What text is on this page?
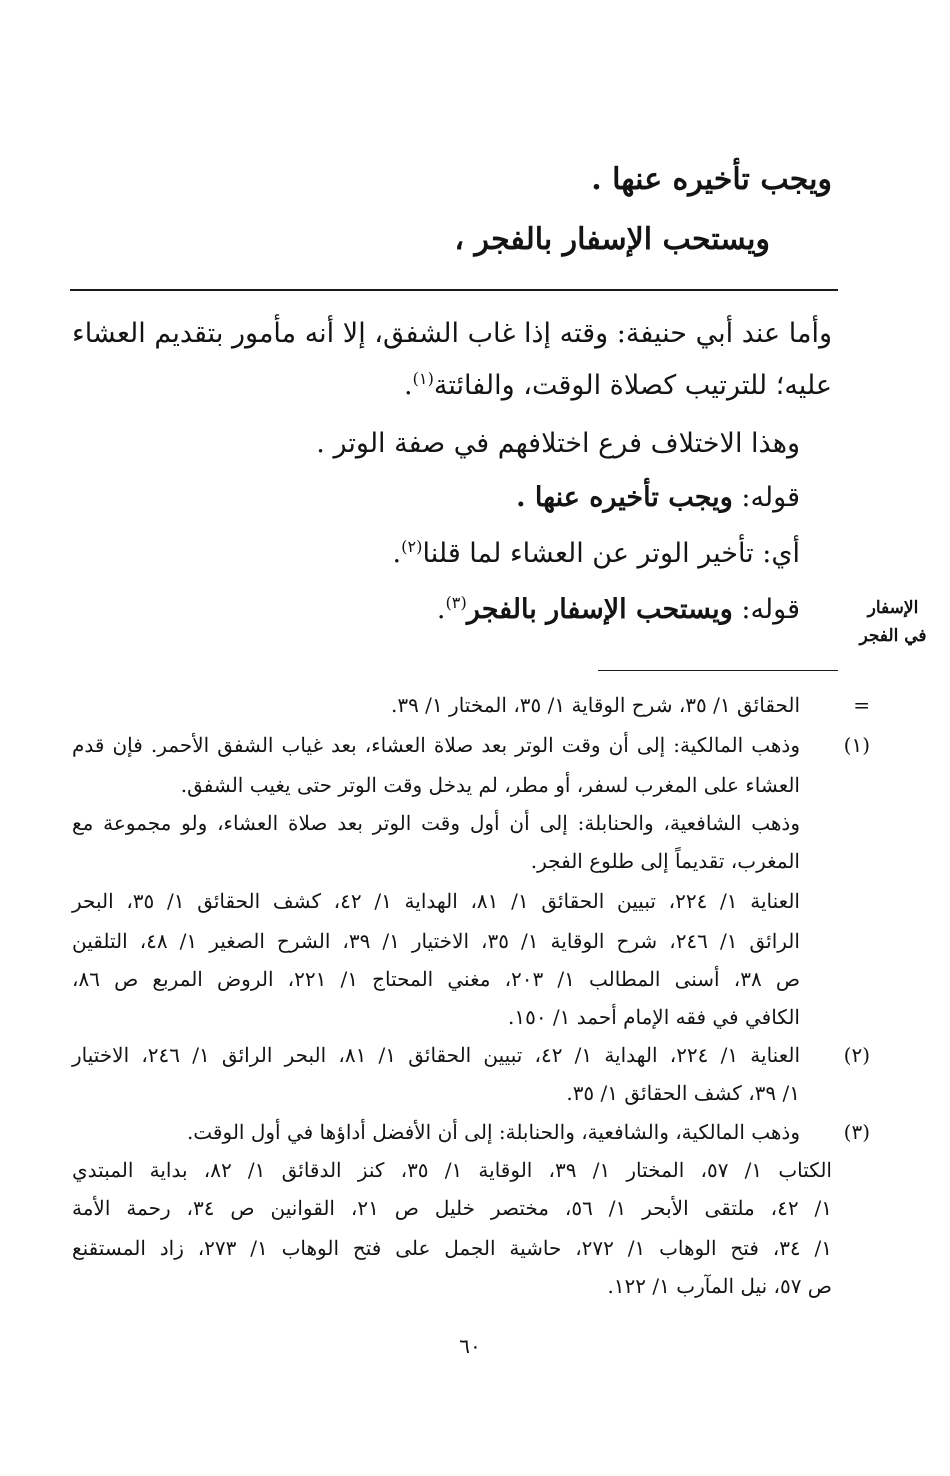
ويجب تأخيره عنها .
ويستحب الإسفار بالفجر ،
وأما عند أبي حنيفة: وقته إذا غاب الشفق، إلا أنه مأمور بتقديم العشاء
عليه؛ للترتيب كصلاة الوقت، والفائتة$^{(١)}$.
وهذا الاختلاف فرع اختلافهم في صفة الوتر .
قوله: ويجب تأخيره عنها .
أي: تأخير الوتر عن العشاء لما قلنا$^{(٢)}$.
قوله: ويستحب الإسفار بالفجر$^{(٣)}$.	الإسفار
في الفجر
=
الحقائق ١/ ٣٥، شرح الوقاية ١/ ٣٥، المختار ١/ ٣٩.
(١)
وذهب المالكية: إلى أن وقت الوتر بعد صلاة العشاء، بعد غياب الشفق الأحمر. فإن قدم
العشاء على المغرب لسفر، أو مطر، لم يدخل وقت الوتر حتى يغيب الشفق.
وذهب الشافعية، والحنابلة: إلى أن أول وقت الوتر بعد صلاة العشاء، ولو مجموعة مع
المغرب، تقديماً إلى طلوع الفجر.
العناية ١/ ٢٢٤، تبيين الحقائق ١/ ٨١، الهداية ١/ ٤٢، كشف الحقائق ١/ ٣٥، البحر
الرائق ١/ ٢٤٦، شرح الوقاية ١/ ٣٥، الاختيار ١/ ٣٩، الشرح الصغير ١/ ٤٨، التلقين
ص ٣٨، أسنى المطالب ١/ ٢٠٣، مغني المحتاج ١/ ٢٢١، الروض المربع ص ٨٦،
الكافي في فقه الإمام أحمد ١/ ١٥٠.
(٢)
العناية ١/ ٢٢٤، الهداية ١/ ٤٢، تبيين الحقائق ١/ ٨١، البحر الرائق ١/ ٢٤٦، الاختيار
١/ ٣٩، كشف الحقائق ١/ ٣٥.
(٣)
وذهب المالكية، والشافعية، والحنابلة: إلى أن الأفضل أداؤها في أول الوقت.
الكتاب ١/ ٥٧، المختار ١/ ٣٩، الوقاية ١/ ٣٥، كنز الدقائق ١/ ٨٢، بداية المبتدي
١/ ٤٢، ملتقى الأبحر ١/ ٥٦، مختصر خليل ص ٢١، القوانين ص ٣٤، رحمة الأمة
١/ ٣٤، فتح الوهاب ١/ ٢٧٢، حاشية الجمل على فتح الوهاب ١/ ٢٧٣، زاد المستقنع
ص ٥٧، نيل المآرب ١/ ١٢٢.
٦٠
